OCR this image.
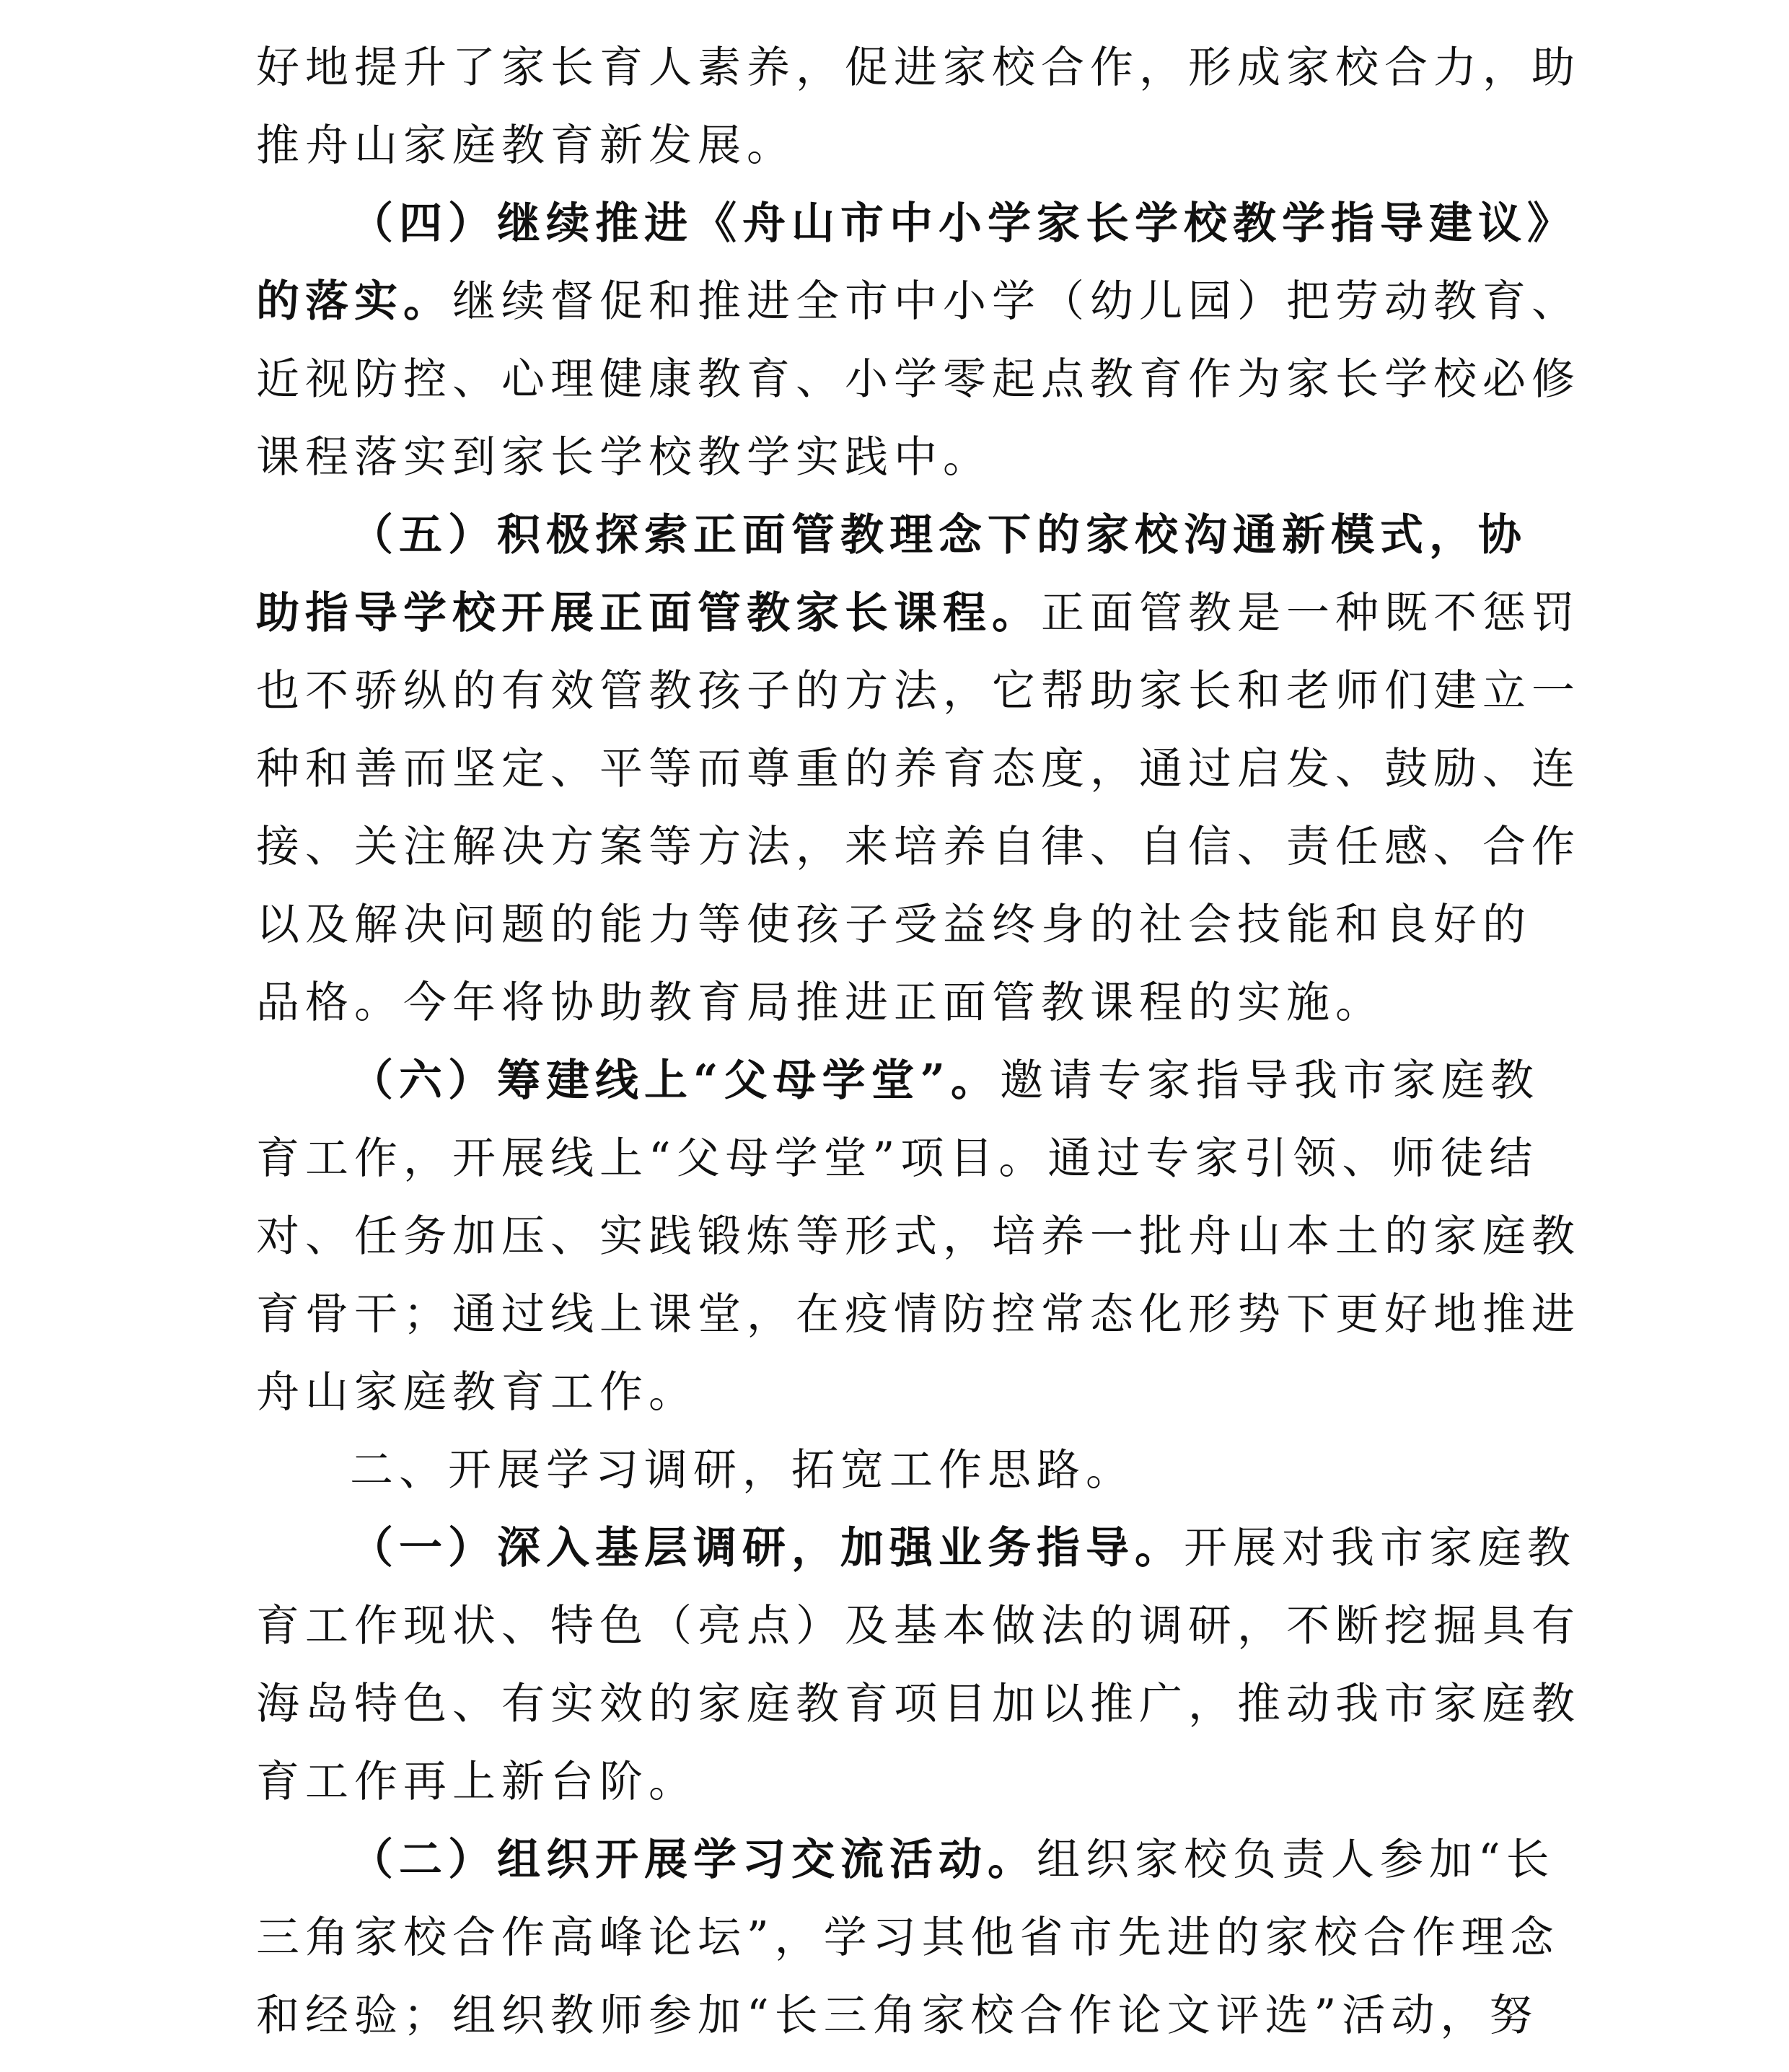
好地提升了家长育人素养，促进家校合作，形成家校合力，助
推舟山家庭教育新发展。
（四）继续推进《舟山市中小学家长学校教学指导建议》
的落实。继续督促和推进全市中小学（幼儿园）把劳动教育、
近视防控、心理健康教育、小学零起点教育作为家长学校必修
课程落实到家长学校教学实践中。
（五）积极探索正面管教理念下的家校沟通新模式，协
助指导学校开展正面管教家长课程。正面管教是一种既不惩罚
也不骄纵的有效管教孩子的方法，它帮助家长和老师们建立一
种和善而坚定、平等而尊重的养育态度，通过启发、鼓励、连
接、关注解决方案等方法，来培养自律、自信、责任感、合作
以及解决问题的能力等使孩子受益终身的社会技能和良好的
品格。今年将协助教育局推进正面管教课程的实施。
（六）筹建线上“父母学堂”。邀请专家指导我市家庭教
育工作，开展线上“父母学堂”项目。通过专家引领、师徒结
对、任务加压、实践锻炼等形式，培养一批舟山本土的家庭教
育骨干；通过线上课堂，在疫情防控常态化形势下更好地推进
舟山家庭教育工作。
二、开展学习调研，拓宽工作思路。
（一）深入基层调研，加强业务指导。开展对我市家庭教
育工作现状、特色（亮点）及基本做法的调研，不断挖掘具有
海岛特色、有实效的家庭教育项目加以推广，推动我市家庭教
育工作再上新台阶。
（二）组织开展学习交流活动。组织家校负责人参加“长
三角家校合作高峰论坛”，学习其他省市先进的家校合作理念
和经验；组织教师参加“长三角家校合作论文评选”活动，努
